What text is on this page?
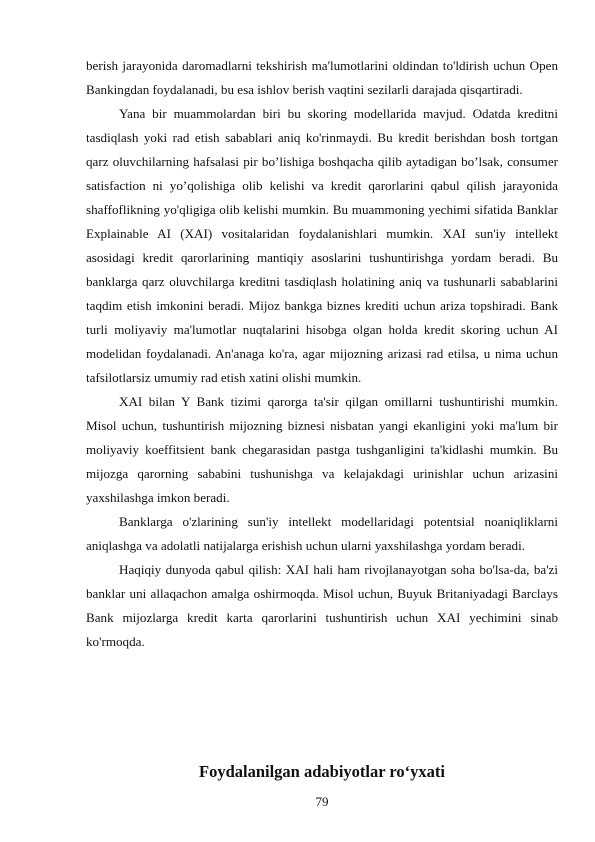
berish jarayonida daromadlarni tekshirish ma'lumotlarini oldindan to'ldirish uchun Open Bankingdan foydalanadi, bu esa ishlov berish vaqtini sezilarli darajada qisqartiradi.

Yana bir muammolardan biri bu skoring modellarida mavjud. Odatda kreditni tasdiqlash yoki rad etish sabablari aniq ko'rinmaydi. Bu kredit berishdan bosh tortgan qarz oluvchilarning hafsalasi pir bo’lishiga boshqacha qilib aytadigan bo’lsak, consumer satisfaction ni yo’qolishiga olib kelishi va kredit qarorlarini qabul qilish jarayonida shaffoflikning yo'qligiga olib kelishi mumkin. Bu muammoning yechimi sifatida Banklar Explainable AI (XAI) vositalaridan foydalanishlari mumkin. XAI sun'iy intellekt asosidagi kredit qarorlarining mantiqiy asoslarini tushuntirishga yordam beradi. Bu banklarga qarz oluvchilarga kreditni tasdiqlash holatining aniq va tushunarli sabablarini taqdim etish imkonini beradi. Mijoz bankga biznes krediti uchun ariza topshiradi. Bank turli moliyaviy ma'lumotlar nuqtalarini hisobga olgan holda kredit skoring uchun AI modelidan foydalanadi. An'anaga ko'ra, agar mijozning arizasi rad etilsa, u nima uchun tafsilotlarsiz umumiy rad etish xatini olishi mumkin.

XAI bilan Y Bank tizimi qarorga ta'sir qilgan omillarni tushuntirishi mumkin. Misol uchun, tushuntirish mijozning biznesi nisbatan yangi ekanligini yoki ma'lum bir moliyaviy koeffitsient bank chegarasidan pastga tushganligini ta'kidlashi mumkin. Bu mijozga qarorning sababini tushunishga va kelajakdagi urinishlar uchun arizasini yaxshilashga imkon beradi.

Banklarga o'zlarining sun'iy intellekt modellaridagi potentsial noaniqliklarni aniqlashga va adolatli natijalarga erishish uchun ularni yaxshilashga yordam beradi.

Haqiqiy dunyoda qabul qilish: XAI hali ham rivojlanayotgan soha bo'lsa-da, ba'zi banklar uni allaqachon amalga oshirmoqda. Misol uchun, Buyuk Britaniyadagi Barclays Bank mijozlarga kredit karta qarorlarini tushuntirish uchun XAI yechimini sinab ko'rmoqda.

Foydalanilgan adabiyotlar ro‘yxati
79
